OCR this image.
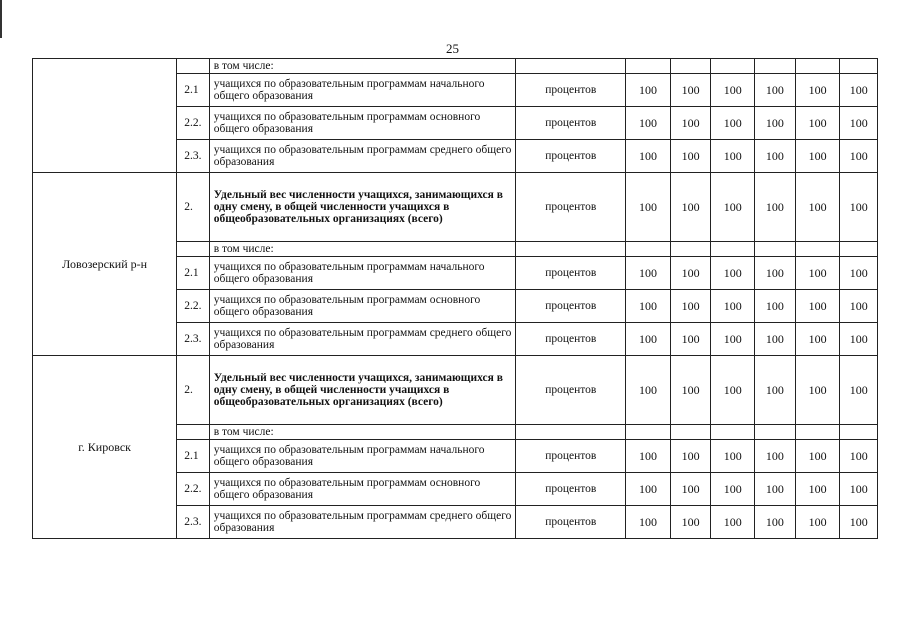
25
		в том числе:							
	2.1	учащихся по образовательным программам начального общего образования	процентов	100	100	100	100	100	100
	2.2.	учащихся по образовательным программам основного общего образования	процентов	100	100	100	100	100	100
	2.3.	учащихся по образовательным программам среднего общего образования	процентов	100	100	100	100	100	100
Ловозерский р-н	2.	Удельный вес численности учащихся, занимающихся в одну смену, в общей численности учащихся в общеобразовательных организациях (всего)	процентов	100	100	100	100	100	100
		в том числе:							
	2.1	учащихся по образовательным программам начального общего образования	процентов	100	100	100	100	100	100
	2.2.	учащихся по образовательным программам основного общего образования	процентов	100	100	100	100	100	100
	2.3.	учащихся по образовательным программам среднего общего образования	процентов	100	100	100	100	100	100
г. Кировск	2.	Удельный вес численности учащихся, занимающихся в одну смену, в общей численности учащихся в общеобразовательных организациях (всего)	процентов	100	100	100	100	100	100
		в том числе:							
	2.1	учащихся по образовательным программам начального общего образования	процентов	100	100	100	100	100	100
	2.2.	учащихся по образовательным программам основного общего образования	процентов	100	100	100	100	100	100
	2.3.	учащихся по образовательным программам среднего общего образования	процентов	100	100	100	100	100	100
